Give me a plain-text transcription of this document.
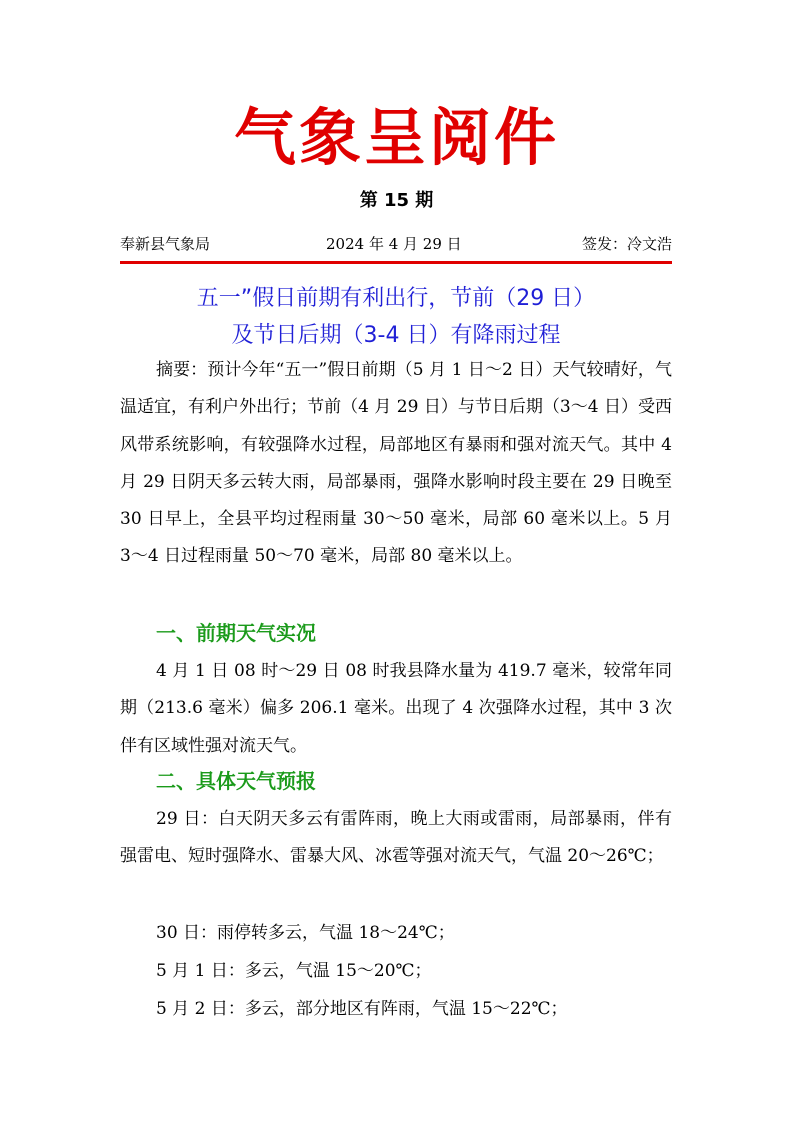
气象呈阅件
第 15 期
奉新县气象局	2024 年 4 月 29 日	签发：冷文浩
五一”假日前期有利出行，节前（29 日）
及节日后期（3-4 日）有降雨过程

摘要：预计今年“五一”假日前期（5 月 1 日～2 日）天气较晴好，气温适宜，有利户外出行；节前（4 月 29 日）与节日后期（3～4 日）受西风带系统影响，有较强降水过程，局部地区有暴雨和强对流天气。其中 4 月 29 日阴天多云转大雨，局部暴雨，强降水影响时段主要在 29 日晚至 30 日早上，全县平均过程雨量 30～50 毫米，局部 60 毫米以上。5 月 3～4 日过程雨量 50～70 毫米，局部 80 毫米以上。

一、前期天气实况

4 月 1 日 08 时～29 日 08 时我县降水量为 419.7 毫米，较常年同期（213.6 毫米）偏多 206.1 毫米。出现了 4 次强降水过程，其中 3 次伴有区域性强对流天气。

二、具体天气预报

29 日：白天阴天多云有雷阵雨，晚上大雨或雷雨，局部暴雨，伴有强雷电、短时强降水、雷暴大风、冰雹等强对流天气，气温 20～26℃；

30 日：雨停转多云，气温 18～24℃；

5 月 1 日：多云，气温 15～20℃；

5 月 2 日：多云，部分地区有阵雨，气温 15～22℃；
